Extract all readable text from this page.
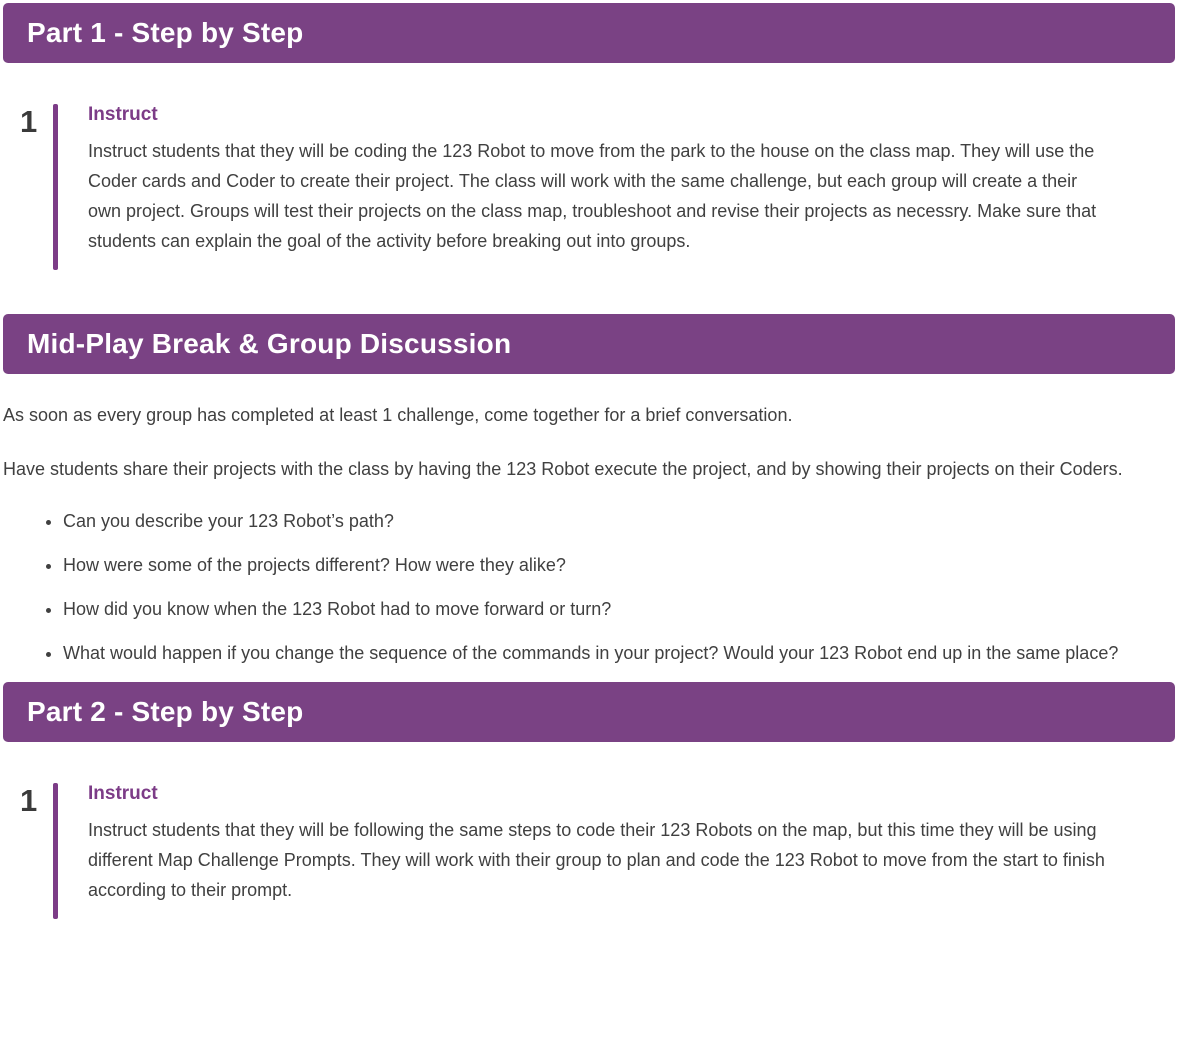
Part 1 - Step by Step
1	Instruct

Instruct students that they will be coding the 123 Robot to move from the park to the house on the class map. They will use the Coder cards and Coder to create their project. The class will work with the same challenge, but each group will create a their own project. Groups will test their projects on the class map, troubleshoot and revise their projects as necessry. Make sure that students can explain the goal of the activity before breaking out into groups.

Mid-Play Break & Group Discussion

As soon as every group has completed at least 1 challenge, come together for a brief conversation.

Have students share their projects with the class by having the 123 Robot execute the project, and by showing their projects on their Coders.

• Can you describe your 123 Robot’s path?
• How were some of the projects different? How were they alike?
• How did you know when the 123 Robot had to move forward or turn?
• What would happen if you change the sequence of the commands in your project? Would your 123 Robot end up in the same place?
Part 2 - Step by Step
1	Instruct

Instruct students that they will be following the same steps to code their 123 Robots on the map, but this time they will be using different Map Challenge Prompts. They will work with their group to plan and code the 123 Robot to move from the start to finish according to their prompt.
